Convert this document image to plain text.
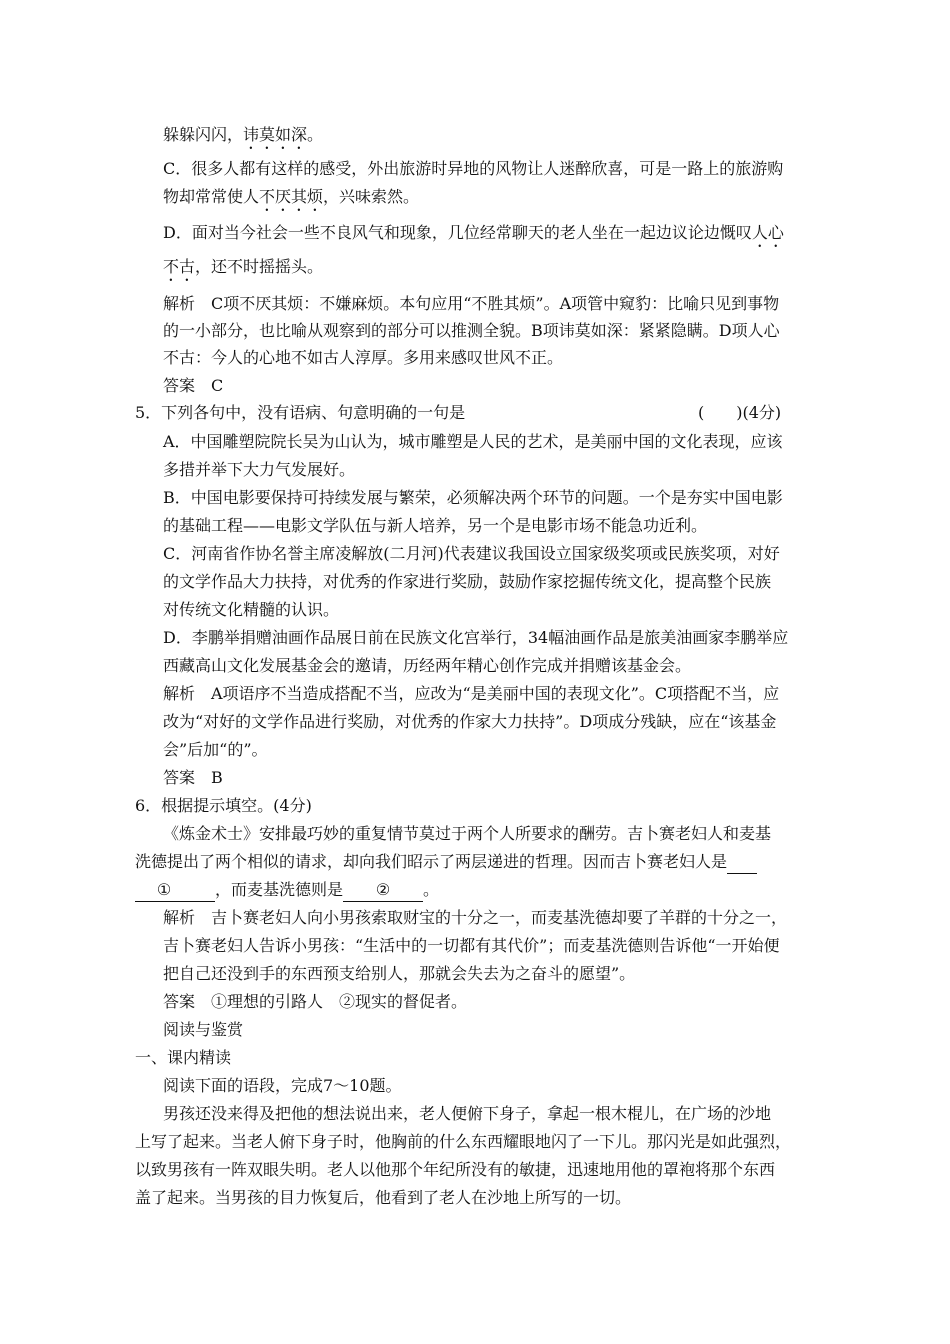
躲躲闪闪，讳莫如深。
C．很多人都有这样的感受，外出旅游时异地的风物让人迷醉欣喜，可是一路上的旅游购
物却常常使人不厌其烦，兴味索然。
D．面对当今社会一些不良风气和现象，几位经常聊天的老人坐在一起边议论边慨叹人心
不古，还不时摇摇头。
解析　C项不厌其烦：不嫌麻烦。本句应用“不胜其烦”。A项管中窥豹：比喻只见到事物
的一小部分，也比喻从观察到的部分可以推测全貌。B项讳莫如深：紧紧隐瞒。D项人心
不古：今人的心地不如古人淳厚。多用来感叹世风不正。
答案　C
5．下列各句中，没有语病、句意明确的一句是	(　　)(4分)
A．中国雕塑院院长吴为山认为，城市雕塑是人民的艺术，是美丽中国的文化表现，应该
多措并举下大力气发展好。
B．中国电影要保持可持续发展与繁荣，必须解决两个环节的问题。一个是夯实中国电影
的基础工程——电影文学队伍与新人培养，另一个是电影市场不能急功近利。
C．河南省作协名誉主席凌解放(二月河)代表建议我国设立国家级奖项或民族奖项，对好
的文学作品大力扶持，对优秀的作家进行奖励，鼓励作家挖掘传统文化，提高整个民族
对传统文化精髓的认识。
D．李鹏举捐赠油画作品展日前在民族文化宫举行，34幅油画作品是旅美油画家李鹏举应
西藏高山文化发展基金会的邀请，历经两年精心创作完成并捐赠该基金会。
解析　A项语序不当造成搭配不当，应改为“是美丽中国的表现文化”。C项搭配不当，应
改为“对好的文学作品进行奖励，对优秀的作家大力扶持”。D项成分残缺，应在“该基金
会”后加“的”。
答案　B
6．根据提示填空。(4分)
《炼金术士》安排最巧妙的重复情节莫过于两个人所要求的酬劳。吉卜赛老妇人和麦基
洗德提出了两个相似的请求，却向我们昭示了两层递进的哲理。因而吉卜赛老妇人是
①	，而麦基洗德则是 ② 。
解析　吉卜赛老妇人向小男孩索取财宝的十分之一，而麦基洗德却要了羊群的十分之一，
吉卜赛老妇人告诉小男孩：“生活中的一切都有其代价”；而麦基洗德则告诉他“一开始便
把自己还没到手的东西预支给别人，那就会失去为之奋斗的愿望”。
答案　①理想的引路人　②现实的督促者。
阅读与鉴赏
一、课内精读
阅读下面的语段，完成7～10题。
男孩还没来得及把他的想法说出来，老人便俯下身子，拿起一根木棍儿，在广场的沙地
上写了起来。当老人俯下身子时，他胸前的什么东西耀眼地闪了一下儿。那闪光是如此强烈，
以致男孩有一阵双眼失明。老人以他那个年纪所没有的敏捷，迅速地用他的罩袍将那个东西
盖了起来。当男孩的目力恢复后，他看到了老人在沙地上所写的一切。
